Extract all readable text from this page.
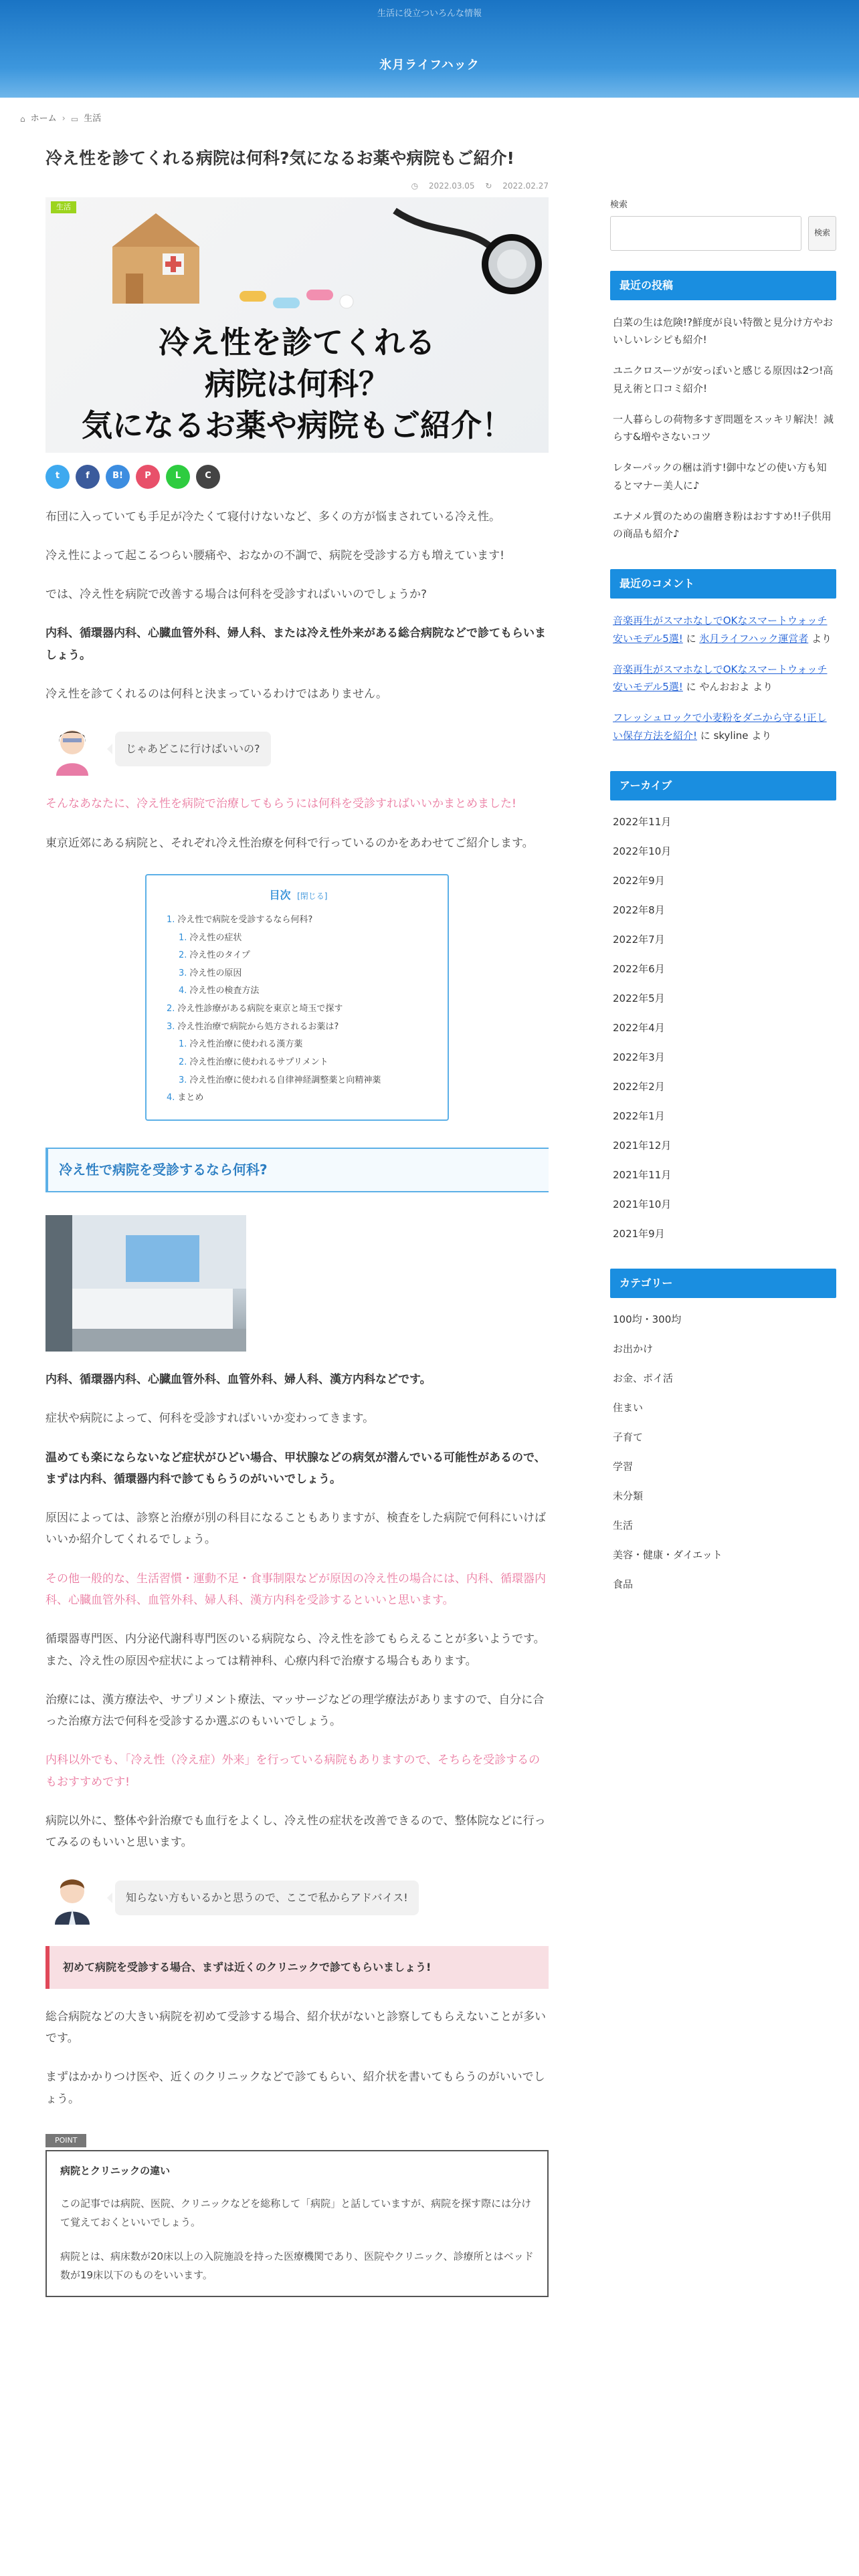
生活に役立ついろんな情報
氷月ライフハック
⌂ ホーム › ▭ 生活
冷え性を診てくれる病院は何科?気になるお薬や病院もご紹介!
◷ 2022.03.05 ↻ 2022.02.27
生活
冷え性を診てくれる
病院は何科？
気になるお薬や病院もご紹介！
t	f	B!	P	L	C

布団に入っていても手足が冷たくて寝付けないなど、多くの方が悩まされている冷え性。

冷え性によって起こるつらい腰痛や、おなかの不調で、病院を受診する方も増えています!

では、冷え性を病院で改善する場合は何科を受診すればいいのでしょうか?

内科、循環器内科、心臓血管外科、婦人科、または冷え性外来がある総合病院などで診てもらいましょう。

冷え性を診てくれるのは何科と決まっているわけではありません。

じゃあどこに行けばいいの?

そんなあなたに、冷え性を病院で治療してもらうには何科を受診すればいいかまとめました!

東京近郊にある病院と、それぞれ冷え性治療を何科で行っているのかをあわせてご紹介します。

目次 [閉じる]
1. 冷え性で病院を受診するなら何科?
1. 冷え性の症状
2. 冷え性のタイプ
3. 冷え性の原因
4. 冷え性の検査方法
2. 冷え性診療がある病院を東京と埼玉で探す
3. 冷え性治療で病院から処方されるお薬は?
1. 冷え性治療に使われる漢方薬
2. 冷え性治療に使われるサプリメント
3. 冷え性治療に使われる自律神経調整薬と向精神薬
4. まとめ
冷え性で病院を受診するなら何科?

内科、循環器内科、心臓血管外科、血管外科、婦人科、漢方内科などです。

症状や病院によって、何科を受診すればいいか変わってきます。

温めても楽にならないなど症状がひどい場合、甲状腺などの病気が潜んでいる可能性があるので、まずは内科、循環器内科で診てもらうのがいいでしょう。

原因によっては、診察と治療が別の科目になることもありますが、検査をした病院で何科にいけばいいか紹介してくれるでしょう。

その他一般的な、生活習慣・運動不足・食事制限などが原因の冷え性の場合には、内科、循環器内科、心臓血管外科、血管外科、婦人科、漢方内科を受診するといいと思います。

循環器専門医、内分泌代謝科専門医のいる病院なら、冷え性を診てもらえることが多いようです。また、冷え性の原因や症状によっては精神科、心療内科で治療する場合もあります。

治療には、漢方療法や、サプリメント療法、マッサージなどの理学療法がありますので、自分に合った治療方法で何科を受診するか選ぶのもいいでしょう。

内科以外でも、「冷え性（冷え症）外来」を行っている病院もありますので、そちらを受診するのもおすすめです!

病院以外に、整体や針治療でも血行をよくし、冷え性の症状を改善できるので、整体院などに行ってみるのもいいと思います。

知らない方もいるかと思うので、ここで私からアドバイス!
初めて病院を受診する場合、まずは近くのクリニックで診てもらいましょう!

総合病院などの大きい病院を初めて受診する場合、紹介状がないと診察してもらえないことが多いです。

まずはかかりつけ医や、近くのクリニックなどで診てもらい、紹介状を書いてもらうのがいいでしょう。

POINT
病院とクリニックの違い
この記事では病院、医院、クリニックなどを総称して「病院」と話していますが、病院を探す際には分けて覚えておくといいでしょう。
病院とは、病床数が20床以上の入院施設を持った医療機関であり、医院やクリニック、診療所とはベッド数が19床以下のものをいいます。
検索
検索
最近の投稿
白菜の生は危険!?鮮度が良い特徴と見分け方やおいしいレシピも紹介!
ユニクロスーツが安っぽいと感じる原因は2つ!高見え術と口コミ紹介!
一人暮らしの荷物多すぎ問題をスッキリ解決！減らす&増やさないコツ
レターパックの梱は消す!御中などの使い方も知るとマナー美人に♪
エナメル質のための歯磨き粉はおすすめ!!子供用の商品も紹介♪
最近のコメント
音楽再生がスマホなしでOKなスマートウォッチ安いモデル5選! に 氷月ライフハック運営者 より
音楽再生がスマホなしでOKなスマートウォッチ安いモデル5選! に やんおおよ より
フレッシュロックで小麦粉をダニから守る!正しい保存方法を紹介! に skyline より
アーカイブ
2022年11月
2022年10月
2022年9月
2022年8月
2022年7月
2022年6月
2022年5月
2022年4月
2022年3月
2022年2月
2022年1月
2021年12月
2021年11月
2021年10月
2021年9月
カテゴリー
100均・300均
お出かけ
お金、ポイ活
住まい
子育て
学習
未分類
生活
美容・健康・ダイエット
食品
